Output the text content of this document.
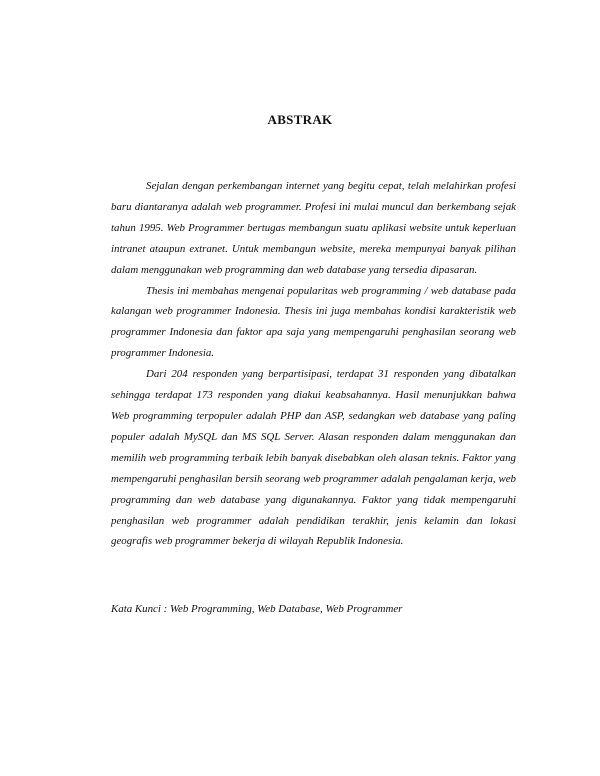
ABSTRAK

Sejalan dengan perkembangan internet yang begitu cepat, telah melahirkan profesi baru diantaranya adalah web programmer. Profesi ini mulai muncul dan berkembang sejak tahun 1995. Web Programmer bertugas membangun suatu aplikasi website untuk keperluan intranet ataupun extranet. Untuk membangun website, mereka mempunyai banyak pilihan dalam menggunakan web programming dan web database yang tersedia dipasaran.

Thesis ini membahas mengenai popularitas web programming / web database pada kalangan web programmer Indonesia. Thesis ini juga membahas kondisi karakteristik web programmer Indonesia dan faktor apa saja yang mempengaruhi penghasilan seorang web programmer Indonesia.

Dari 204 responden yang berpartisipasi, terdapat 31 responden yang dibatalkan sehingga terdapat 173 responden yang diakui keabsahannya. Hasil menunjukkan bahwa Web programming terpopuler adalah PHP dan ASP, sedangkan web database yang paling populer adalah MySQL dan MS SQL Server. Alasan responden dalam menggunakan dan memilih web programming terbaik lebih banyak disebabkan oleh alasan teknis. Faktor yang mempengaruhi penghasilan bersih seorang web programmer adalah pengalaman kerja, web programming dan web database yang digunakannya. Faktor yang tidak mempengaruhi penghasilan web programmer adalah pendidikan terakhir, jenis kelamin dan lokasi geografis web programmer bekerja di wilayah Republik Indonesia.

Kata Kunci : Web Programming, Web Database, Web Programmer
